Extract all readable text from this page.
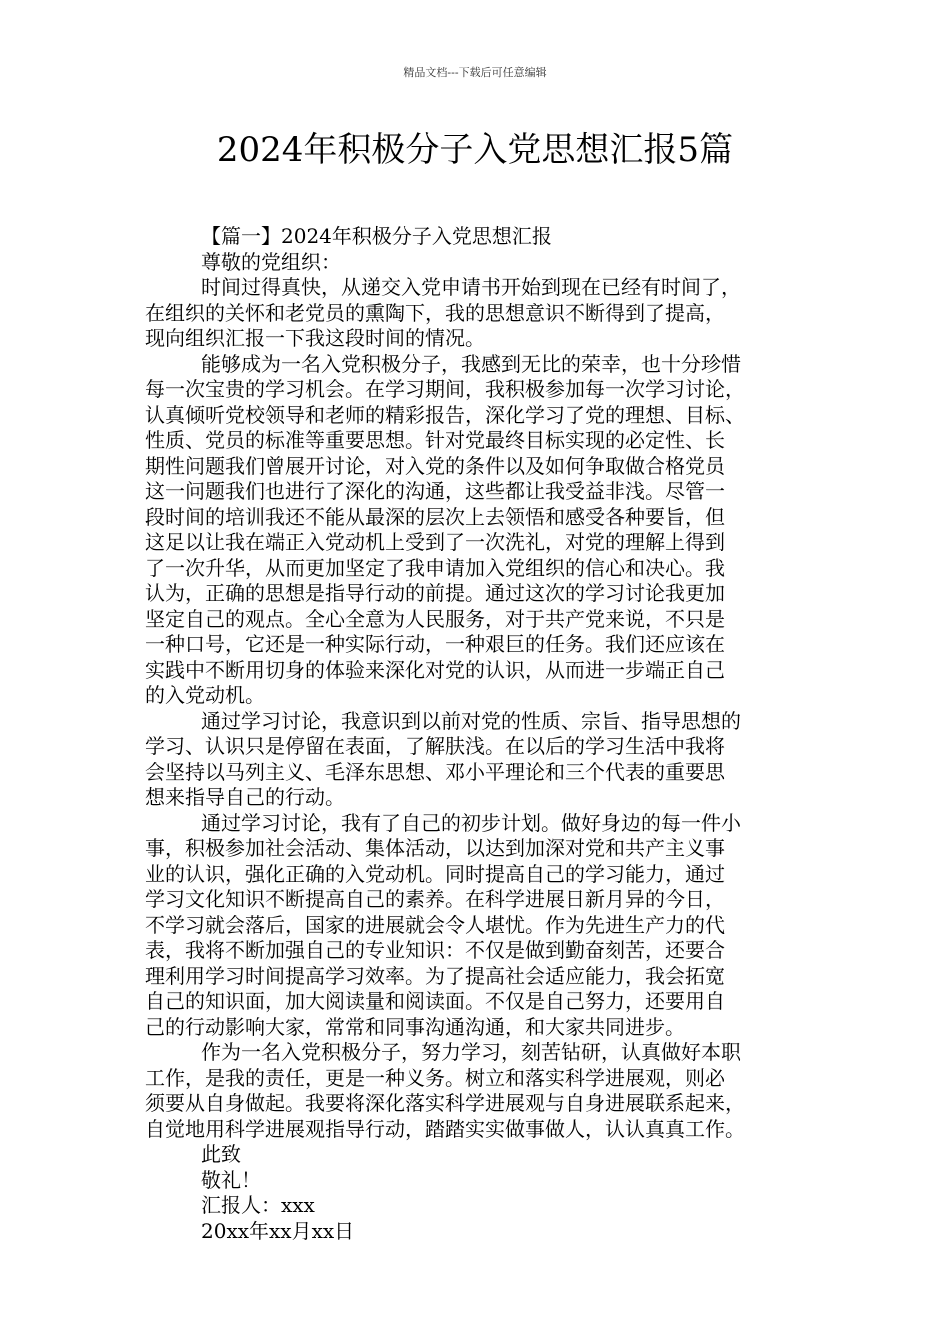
精品文档---下载后可任意编辑
2024年积极分子入党思想汇报5篇
【篇一】2024年积极分子入党思想汇报
尊敬的党组织：
时间过得真快，从递交入党申请书开始到现在已经有时间了，
在组织的关怀和老党员的熏陶下，我的思想意识不断得到了提高，
现向组织汇报一下我这段时间的情况。
能够成为一名入党积极分子，我感到无比的荣幸，也十分珍惜
每一次宝贵的学习机会。在学习期间，我积极参加每一次学习讨论，
认真倾听党校领导和老师的精彩报告，深化学习了党的理想、目标、
性质、党员的标准等重要思想。针对党最终目标实现的必定性、长
期性问题我们曾展开讨论，对入党的条件以及如何争取做合格党员
这一问题我们也进行了深化的沟通，这些都让我受益非浅。尽管一
段时间的培训我还不能从最深的层次上去领悟和感受各种要旨，但
这足以让我在端正入党动机上受到了一次洗礼，对党的理解上得到
了一次升华，从而更加坚定了我申请加入党组织的信心和决心。我
认为，正确的思想是指导行动的前提。通过这次的学习讨论我更加
坚定自己的观点。全心全意为人民服务，对于共产党来说，不只是
一种口号，它还是一种实际行动，一种艰巨的任务。我们还应该在
实践中不断用切身的体验来深化对党的认识，从而进一步端正自己
的入党动机。
通过学习讨论，我意识到以前对党的性质、宗旨、指导思想的
学习、认识只是停留在表面，了解肤浅。在以后的学习生活中我将
会坚持以马列主义、毛泽东思想、邓小平理论和三个代表的重要思
想来指导自己的行动。
通过学习讨论，我有了自己的初步计划。做好身边的每一件小
事，积极参加社会活动、集体活动，以达到加深对党和共产主义事
业的认识，强化正确的入党动机。同时提高自己的学习能力，通过
学习文化知识不断提高自己的素养。在科学进展日新月异的今日，
不学习就会落后，国家的进展就会令人堪忧。作为先进生产力的代
表，我将不断加强自己的专业知识：不仅是做到勤奋刻苦，还要合
理利用学习时间提高学习效率。为了提高社会适应能力，我会拓宽
自己的知识面，加大阅读量和阅读面。不仅是自己努力，还要用自
己的行动影响大家，常常和同事沟通沟通，和大家共同进步。
作为一名入党积极分子，努力学习，刻苦钻研，认真做好本职
工作，是我的责任，更是一种义务。树立和落实科学进展观，则必
须要从自身做起。我要将深化落实科学进展观与自身进展联系起来，
自觉地用科学进展观指导行动，踏踏实实做事做人，认认真真工作。
此致
敬礼！
汇报人：xxx
20xx年xx月xx日
